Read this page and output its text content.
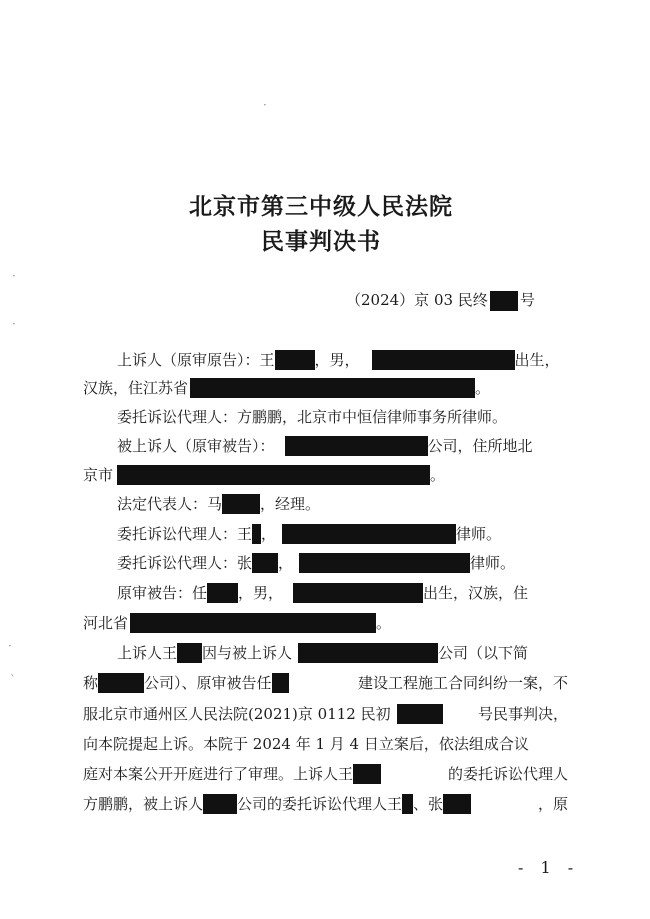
·
·
·
·
`
北京市第三中级人民法院
民事判决书
（2024）京 03 民终 号
上诉人（原审原告）：王	，男，	出生，
汉族，住江苏省	。
委托诉讼代理人：方鹏鹏，北京市中恒信律师事务所律师。
被上诉人（原审被告）：	公司，住所地北
京市	。
法定代表人：马	，经理。
委托诉讼代理人：王 ，	律师。
委托诉讼代理人：张 ，	律师。
原审被告：任 ，男，	出生，汉族，住
河北省	。
上诉人王 因与被上诉人	公司（以下简
称	公司）、原审被告任	建设工程施工合同纠纷一案，不
服北京市通州区人民法院(2021)京 0112 民初	号民事判决，
向本院提起上诉。本院于 2024 年 1 月 4 日立案后，依法组成合议
庭对本案公开开庭进行了审理。上诉人王	的委托诉讼代理人
方鹏鹏，被上诉人 公司的委托诉讼代理人王 、张	，原
- 1 -
